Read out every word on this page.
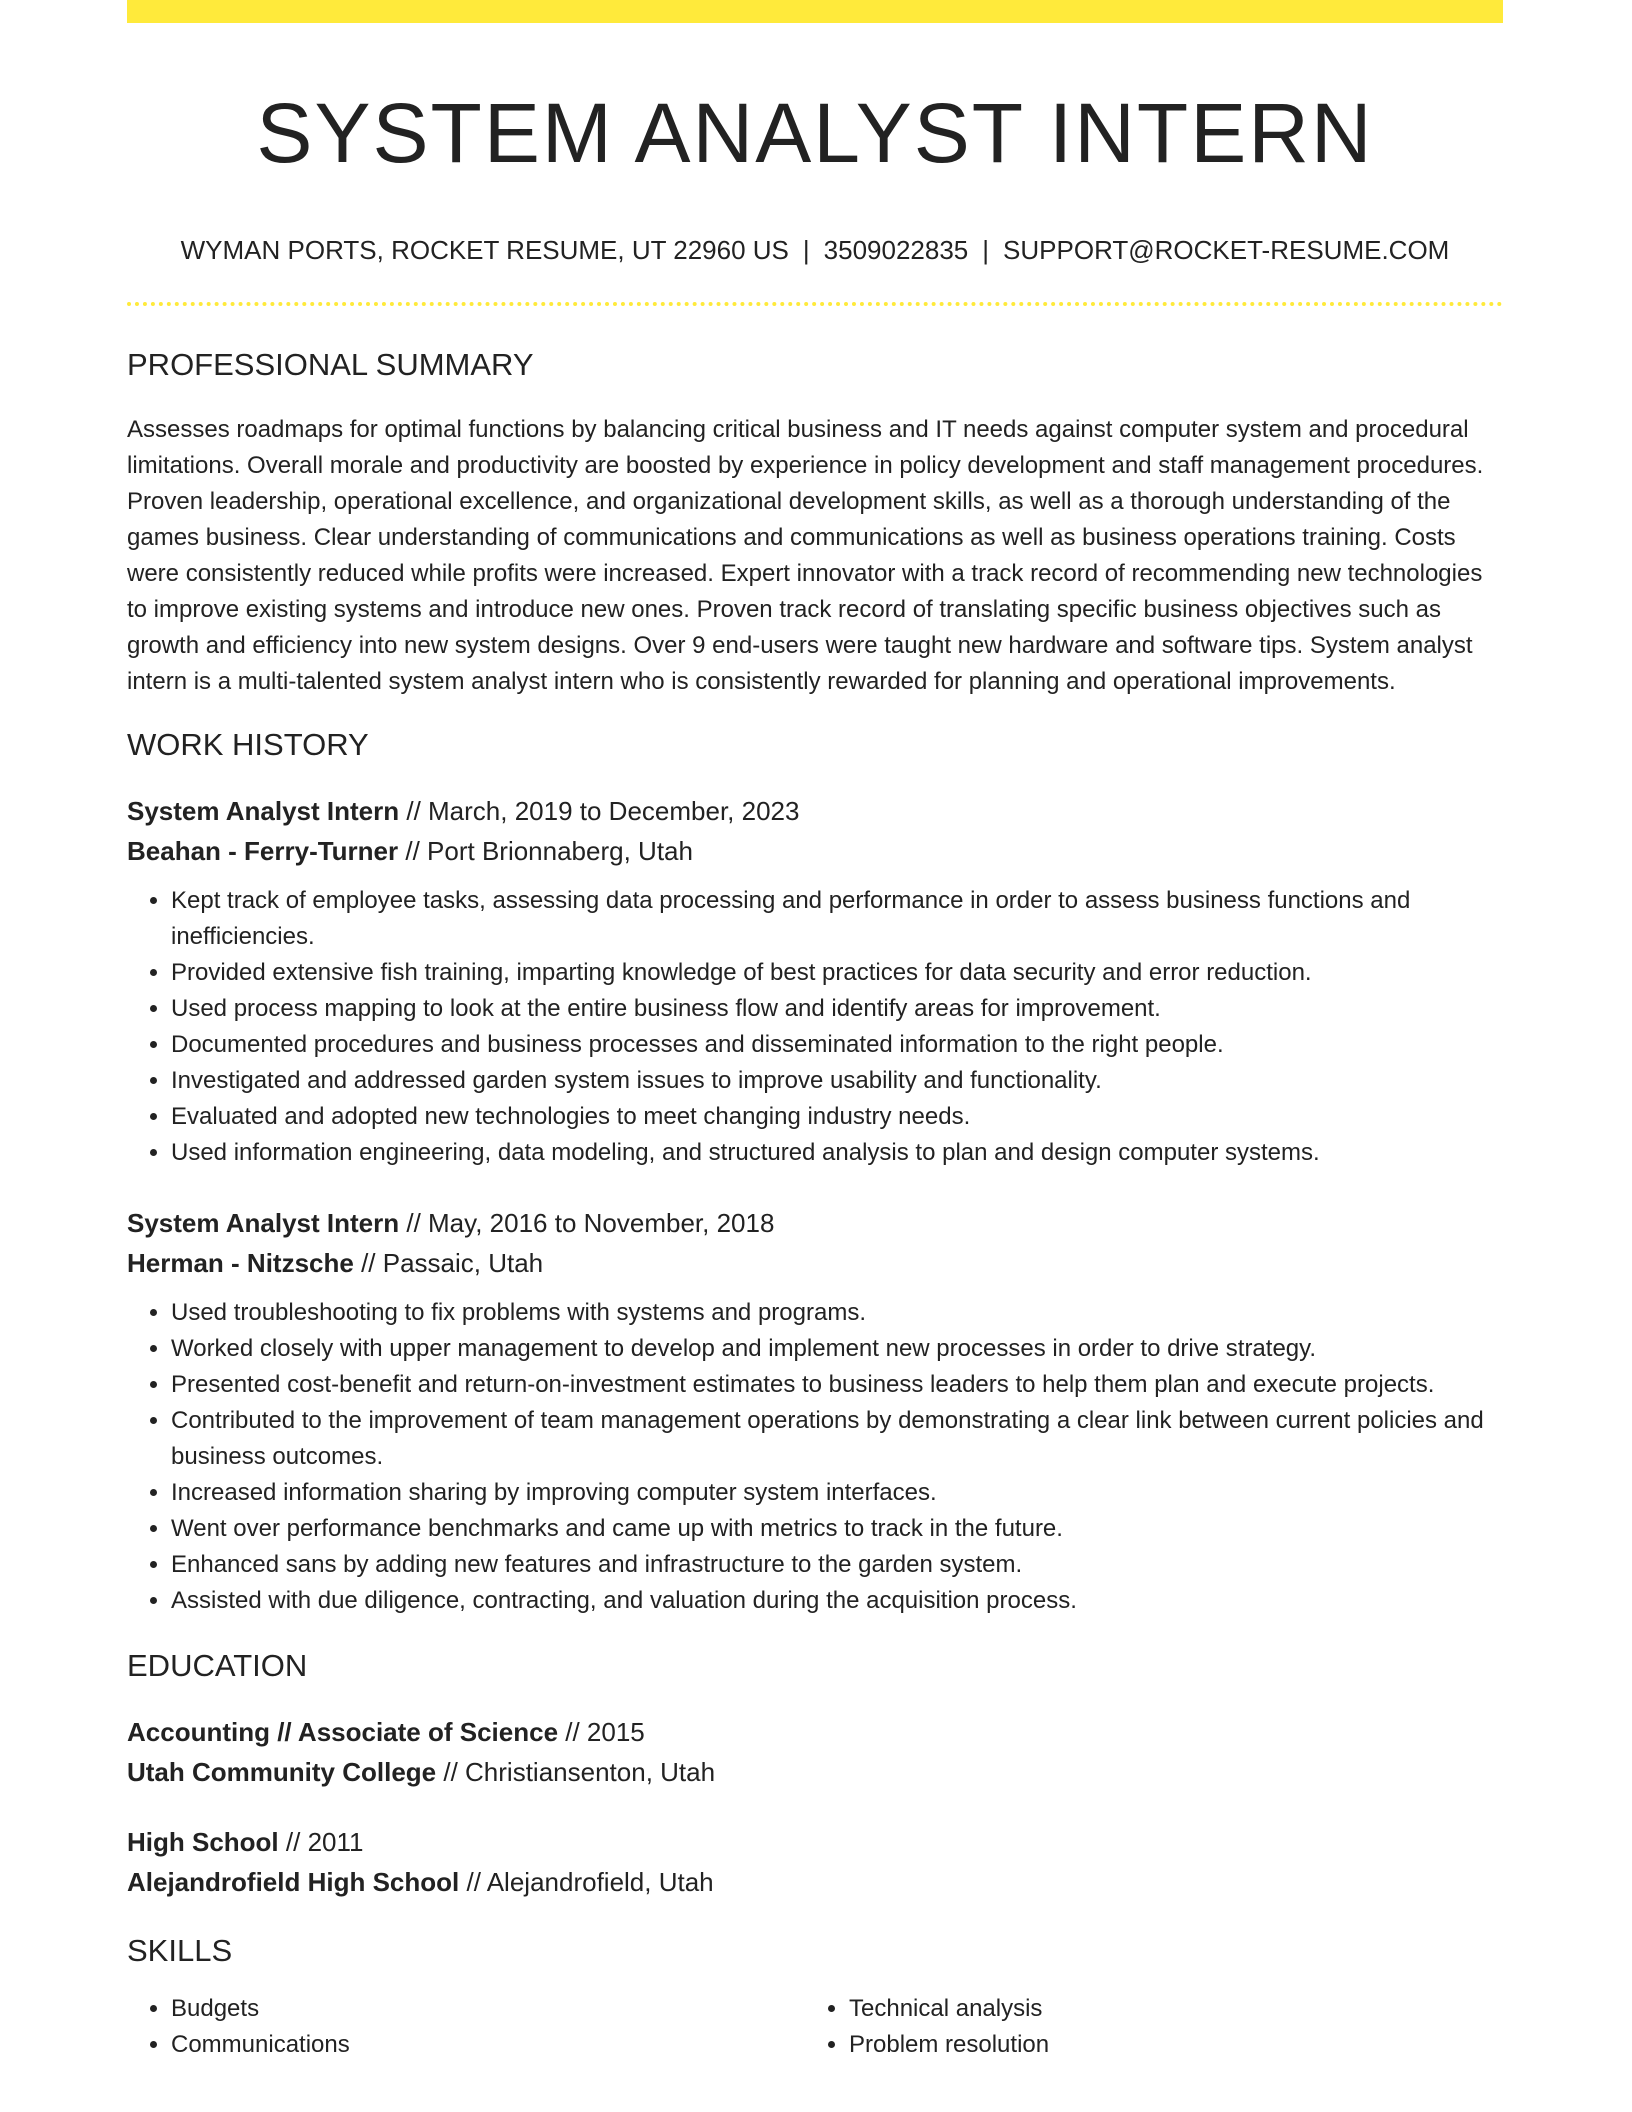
SYSTEM ANALYST INTERN
WYMAN PORTS, ROCKET RESUME, UT 22960 US | 3509022835 | SUPPORT@ROCKET-RESUME.COM
PROFESSIONAL SUMMARY

Assesses roadmaps for optimal functions by balancing critical business and IT needs against computer system and procedural limitations. Overall morale and productivity are boosted by experience in policy development and staff management procedures. Proven leadership, operational excellence, and organizational development skills, as well as a thorough understanding of the games business. Clear understanding of communications and communications as well as business operations training. Costs were consistently reduced while profits were increased. Expert innovator with a track record of recommending new technologies to improve existing systems and introduce new ones. Proven track record of translating specific business objectives such as growth and efficiency into new system designs. Over 9 end-users were taught new hardware and software tips. System analyst intern is a multi-talented system analyst intern who is consistently rewarded for planning and operational improvements.

WORK HISTORY
System Analyst Intern // March, 2019 to December, 2023
Beahan - Ferry-Turner // Port Brionnaberg, Utah
• Kept track of employee tasks, assessing data processing and performance in order to assess business functions and inefficiencies.
• Provided extensive fish training, imparting knowledge of best practices for data security and error reduction.
• Used process mapping to look at the entire business flow and identify areas for improvement.
• Documented procedures and business processes and disseminated information to the right people.
• Investigated and addressed garden system issues to improve usability and functionality.
• Evaluated and adopted new technologies to meet changing industry needs.
• Used information engineering, data modeling, and structured analysis to plan and design computer systems.
System Analyst Intern // May, 2016 to November, 2018
Herman - Nitzsche // Passaic, Utah
• Used troubleshooting to fix problems with systems and programs.
• Worked closely with upper management to develop and implement new processes in order to drive strategy.
• Presented cost-benefit and return-on-investment estimates to business leaders to help them plan and execute projects.
• Contributed to the improvement of team management operations by demonstrating a clear link between current policies and business outcomes.
• Increased information sharing by improving computer system interfaces.
• Went over performance benchmarks and came up with metrics to track in the future.
• Enhanced sans by adding new features and infrastructure to the garden system.
• Assisted with due diligence, contracting, and valuation during the acquisition process.
EDUCATION
Accounting // Associate of Science // 2015
Utah Community College // Christiansenton, Utah
High School // 2011
Alejandrofield High School // Alejandrofield, Utah
SKILLS
• Budgets
• Communications
• Technical analysis
• Problem resolution
